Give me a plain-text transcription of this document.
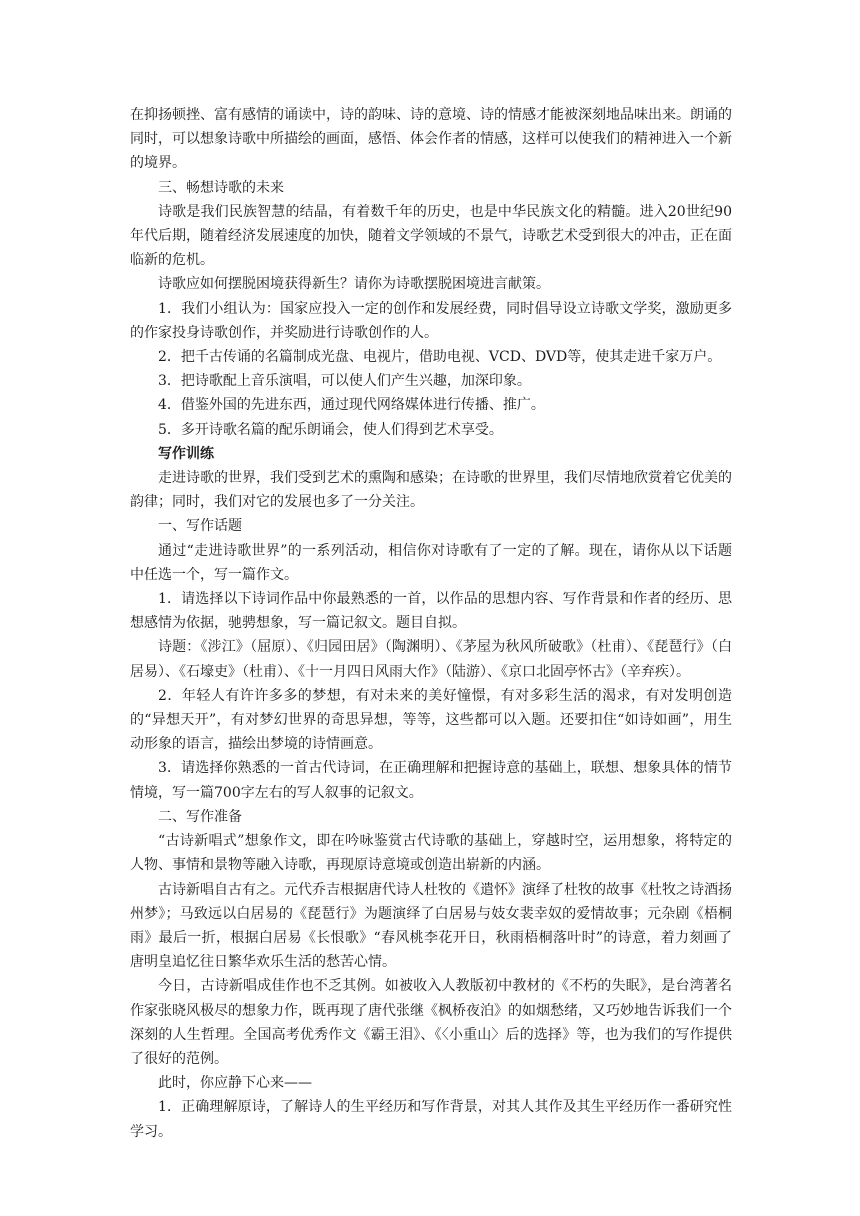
在抑扬顿挫、富有感情的诵读中，诗的韵味、诗的意境、诗的情感才能被深刻地品味出来。朗诵的同时，可以想象诗歌中所描绘的画面，感悟、体会作者的情感，这样可以使我们的精神进入一个新的境界。

三、畅想诗歌的未来

诗歌是我们民族智慧的结晶，有着数千年的历史，也是中华民族文化的精髓。进入20世纪90年代后期，随着经济发展速度的加快，随着文学领域的不景气，诗歌艺术受到很大的冲击，正在面临新的危机。

诗歌应如何摆脱困境获得新生？请你为诗歌摆脱困境进言献策。

1．我们小组认为：国家应投入一定的创作和发展经费，同时倡导设立诗歌文学奖，激励更多的作家投身诗歌创作，并奖励进行诗歌创作的人。

2．把千古传诵的名篇制成光盘、电视片，借助电视、VCD、DVD等，使其走进千家万户。

3．把诗歌配上音乐演唱，可以使人们产生兴趣，加深印象。

4．借鉴外国的先进东西，通过现代网络媒体进行传播、推广。

5．多开诗歌名篇的配乐朗诵会，使人们得到艺术享受。

写作训练

走进诗歌的世界，我们受到艺术的熏陶和感染；在诗歌的世界里，我们尽情地欣赏着它优美的韵律；同时，我们对它的发展也多了一分关注。

一、写作话题

通过“走进诗歌世界”的一系列活动，相信你对诗歌有了一定的了解。现在，请你从以下话题中任选一个，写一篇作文。

1．请选择以下诗词作品中你最熟悉的一首，以作品的思想内容、写作背景和作者的经历、思想感情为依据，驰骋想象，写一篇记叙文。题目自拟。

诗题：《涉江》（屈原）、《归园田居》（陶渊明）、《茅屋为秋风所破歌》（杜甫）、《琵琶行》（白居易）、《石壕吏》（杜甫）、《十一月四日风雨大作》（陆游）、《京口北固亭怀古》（辛弃疾）。

2．年轻人有许许多多的梦想，有对未来的美好憧憬，有对多彩生活的渴求，有对发明创造的“异想天开”，有对梦幻世界的奇思异想，等等，这些都可以入题。还要扣住“如诗如画”，用生动形象的语言，描绘出梦境的诗情画意。

3．请选择你熟悉的一首古代诗词，在正确理解和把握诗意的基础上，联想、想象具体的情节情境，写一篇700字左右的写人叙事的记叙文。

二、写作准备

“古诗新唱式”想象作文，即在吟咏鉴赏古代诗歌的基础上，穿越时空，运用想象，将特定的人物、事情和景物等融入诗歌，再现原诗意境或创造出崭新的内涵。

古诗新唱自古有之。元代乔吉根据唐代诗人杜牧的《遣怀》演绎了杜牧的故事《杜牧之诗酒扬州梦》；马致远以白居易的《琵琶行》为题演绎了白居易与妓女裴幸奴的爱情故事；元杂剧《梧桐雨》最后一折，根据白居易《长恨歌》“春风桃李花开日，秋雨梧桐落叶时”的诗意，着力刻画了唐明皇追忆往日繁华欢乐生活的愁苦心情。

今日，古诗新唱成佳作也不乏其例。如被收入人教版初中教材的《不朽的失眠》，是台湾著名作家张晓风极尽的想象力作，既再现了唐代张继《枫桥夜泊》的如烟愁绪，又巧妙地告诉我们一个深刻的人生哲理。全国高考优秀作文《霸王泪》、《〈小重山〉后的选择》等，也为我们的写作提供了很好的范例。

此时，你应静下心来——

1．正确理解原诗，了解诗人的生平经历和写作背景，对其人其作及其生平经历作一番研究性学习。
